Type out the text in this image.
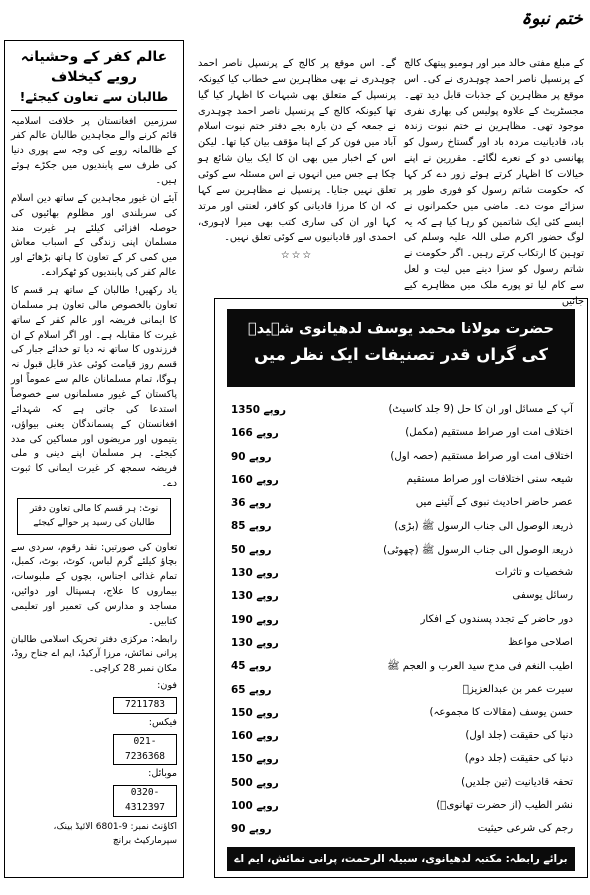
ختم نبوۃ
عالم کفر کے وحشیانہ رویے کیخلاف
طالبان سے تعاون کیجئے!

سرزمین افغانستان پر خلافت اسلامیہ قائم کرنے والے مجاہدین طالبان عالم کفر کے ظالمانہ رویے کی وجہ سے پوری دنیا کی طرف سے پابندیوں میں جکڑے ہوئے ہیں۔

آیئے ان غیور مجاہدین کے ساتھ دین اسلام کی سربلندی اور مظلوم بھائیوں کی حوصلہ افزائی کیلئے ہر غیرت مند مسلمان اپنی زندگی کے اسباب معاش میں کمی کر کے تعاون کا ہاتھ بڑھائے اور عالم کفر کی پابندیوں کو ٹھکرادے۔

یاد رکھیں! طالبان کے ساتھ ہر قسم کا تعاون بالخصوص مالی تعاون ہر مسلمان کا ایمانی فریضہ اور عالم کفر کے ساتھ غیرت کا مقابلہ ہے۔ اور اگر اسلام کے ان فرزندوں کا ساتھ نہ دیا تو خدائے جبار کی قسم روز قیامت کوئی عذر قابل قبول نہ ہوگا، تمام مسلمانان عالم سے عموماً اور پاکستان کے غیور مسلمانوں سے خصوصاً استدعا کی جاتی ہے کہ شہدائے افغانستان کے پسماندگان یعنی بیواؤں، یتیموں اور مریضوں اور مساکین کی مدد کیجئے۔ ہر مسلمان اپنے دینی و ملی فریضہ سمجھ کر غیرت ایمانی کا ثبوت دے۔

نوٹ: ہر قسم کا مالی تعاون دفتر طالبان کی رسید پر حوالے کیجئے

تعاون کی صورتیں: نقد رقوم، سردی سے بچاؤ کیلئے گرم لباس، کوٹ، بوٹ، کمبل، تمام غذائی اجناس، بچوں کے ملبوسات، بیماروں کا علاج، ہسپتال اور دوائیں، مساجد و مدارس کی تعمیر اور تعلیمی کتابیں۔

رابطہ: مرکزی دفتر تحریک اسلامی طالبان پرانی نمائش، مرزا آرکیڈ، ایم اے جناح روڈ، مکان نمبر 28 کراچی۔

فون:
7211783
فیکس:
021-7236368
موبائل:
0320-4312397
اکاؤنٹ نمبر: 9-6801 الائیڈ بینک، سپرمارکیٹ برانچ
کے مبلغ مفتی خالد میر اور ہومیو پیتھک کالج کے پرنسپل ناصر احمد چوہدری نے کی۔ اس موقع پر مظاہرین کے جذبات قابل دید تھے۔ مجسٹریٹ کے علاوہ پولیس کی بھاری نفری موجود تھی۔ مظاہرین نے ختم نبوت زندہ باد، قادیانیت مردہ باد اور گستاخ رسول کو پھانسی دو کے نعرے لگائے۔ مقررین نے اپنے خیالات کا اظہار کرتے ہوئے زور دے کر کہا کہ حکومت شاتم رسول کو فوری طور پر سزائے موت دے۔ ماضی میں حکمرانوں نے ایسے کئی ایک شاتمین کو رہا کیا ہے کہ یہ لوگ حضور اکرم صلی اللہ علیہ وسلم کی توہین کا ارتکاب کرتے رہیں۔ اگر حکومت نے شاتم رسول کو سزا دینے میں لیت و لعل سے کام لیا تو پورے ملک میں مظاہرے کیے جائیں
گے۔ اس موقع پر کالج کے پرنسپل ناصر احمد چوہدری نے بھی مظاہرین سے خطاب کیا کیونکہ پرنسپل کے متعلق بھی شبہات کا اظہار کیا گیا تھا کیونکہ کالج کے پرنسپل ناصر احمد چوہدری نے جمعہ کے دن بارہ بجے دفتر ختم نبوت اسلام آباد میں فون کر کے اپنا مؤقف بیان کیا تھا۔ لیکن اس کے اخبار میں بھی ان کا ایک بیان شائع ہو چکا ہے جس میں انہوں نے اس مسئلہ سے کوئی تعلق نہیں جتایا۔ پرنسپل نے مظاہرین سے کہا کہ ان کا مرزا قادیانی کو کافر، لعنتی اور مرتد کہا اور ان کی ساری کتب بھی میرا لاہوری، احمدی اور قادیانیوں سے کوئی تعلق نہیں۔
☆☆☆
حضرت مولانا محمد یوسف لدھیانوی شہیدؒ
کی گراں قدر تصنیفات ایک نظر میں
1350 روپے	آپ کے مسائل اور ان کا حل (9 جلد کاسیٹ)
166 روپے	اختلاف امت اور صراط مستقیم (مکمل)
90 روپے	اختلاف امت اور صراط مستقیم (حصہ اول)
160 روپے	شیعہ سنی اختلافات اور صراط مستقیم
36 روپے	عصر حاضر احادیث نبوی کے آئینے میں
85 روپے	ذریعۃ الوصول الی جناب الرسول ﷺ (بڑی)
50 روپے	ذریعۃ الوصول الی جناب الرسول ﷺ (چھوٹی)
130 روپے	شخصیات و تاثرات
130 روپے	رسائل یوسفی
190 روپے	دور حاضر کے تجدد پسندوں کے افکار
130 روپے	اصلاحی مواعظ
45 روپے	اطیب النغم فی مدح سید العرب و العجم ﷺ
65 روپے	سیرت عمر بن عبدالعزیزؒ
150 روپے	حسن یوسف (مقالات کا مجموعہ)
160 روپے	دنیا کی حقیقت (جلد اول)
150 روپے	دنیا کی حقیقت (جلد دوم)
500 روپے	تحفہ قادیانیت (تین جلدیں)
100 روپے	نشر الطیب (از حضرت تھانویؒ)
90 روپے	رجم کی شرعی حیثیت
برائے رابطہ: مکتبہ لدھیانوی، سبیلہ الرحمت، پرانی نمائش، ایم اے جناح روڈ، کراچی
